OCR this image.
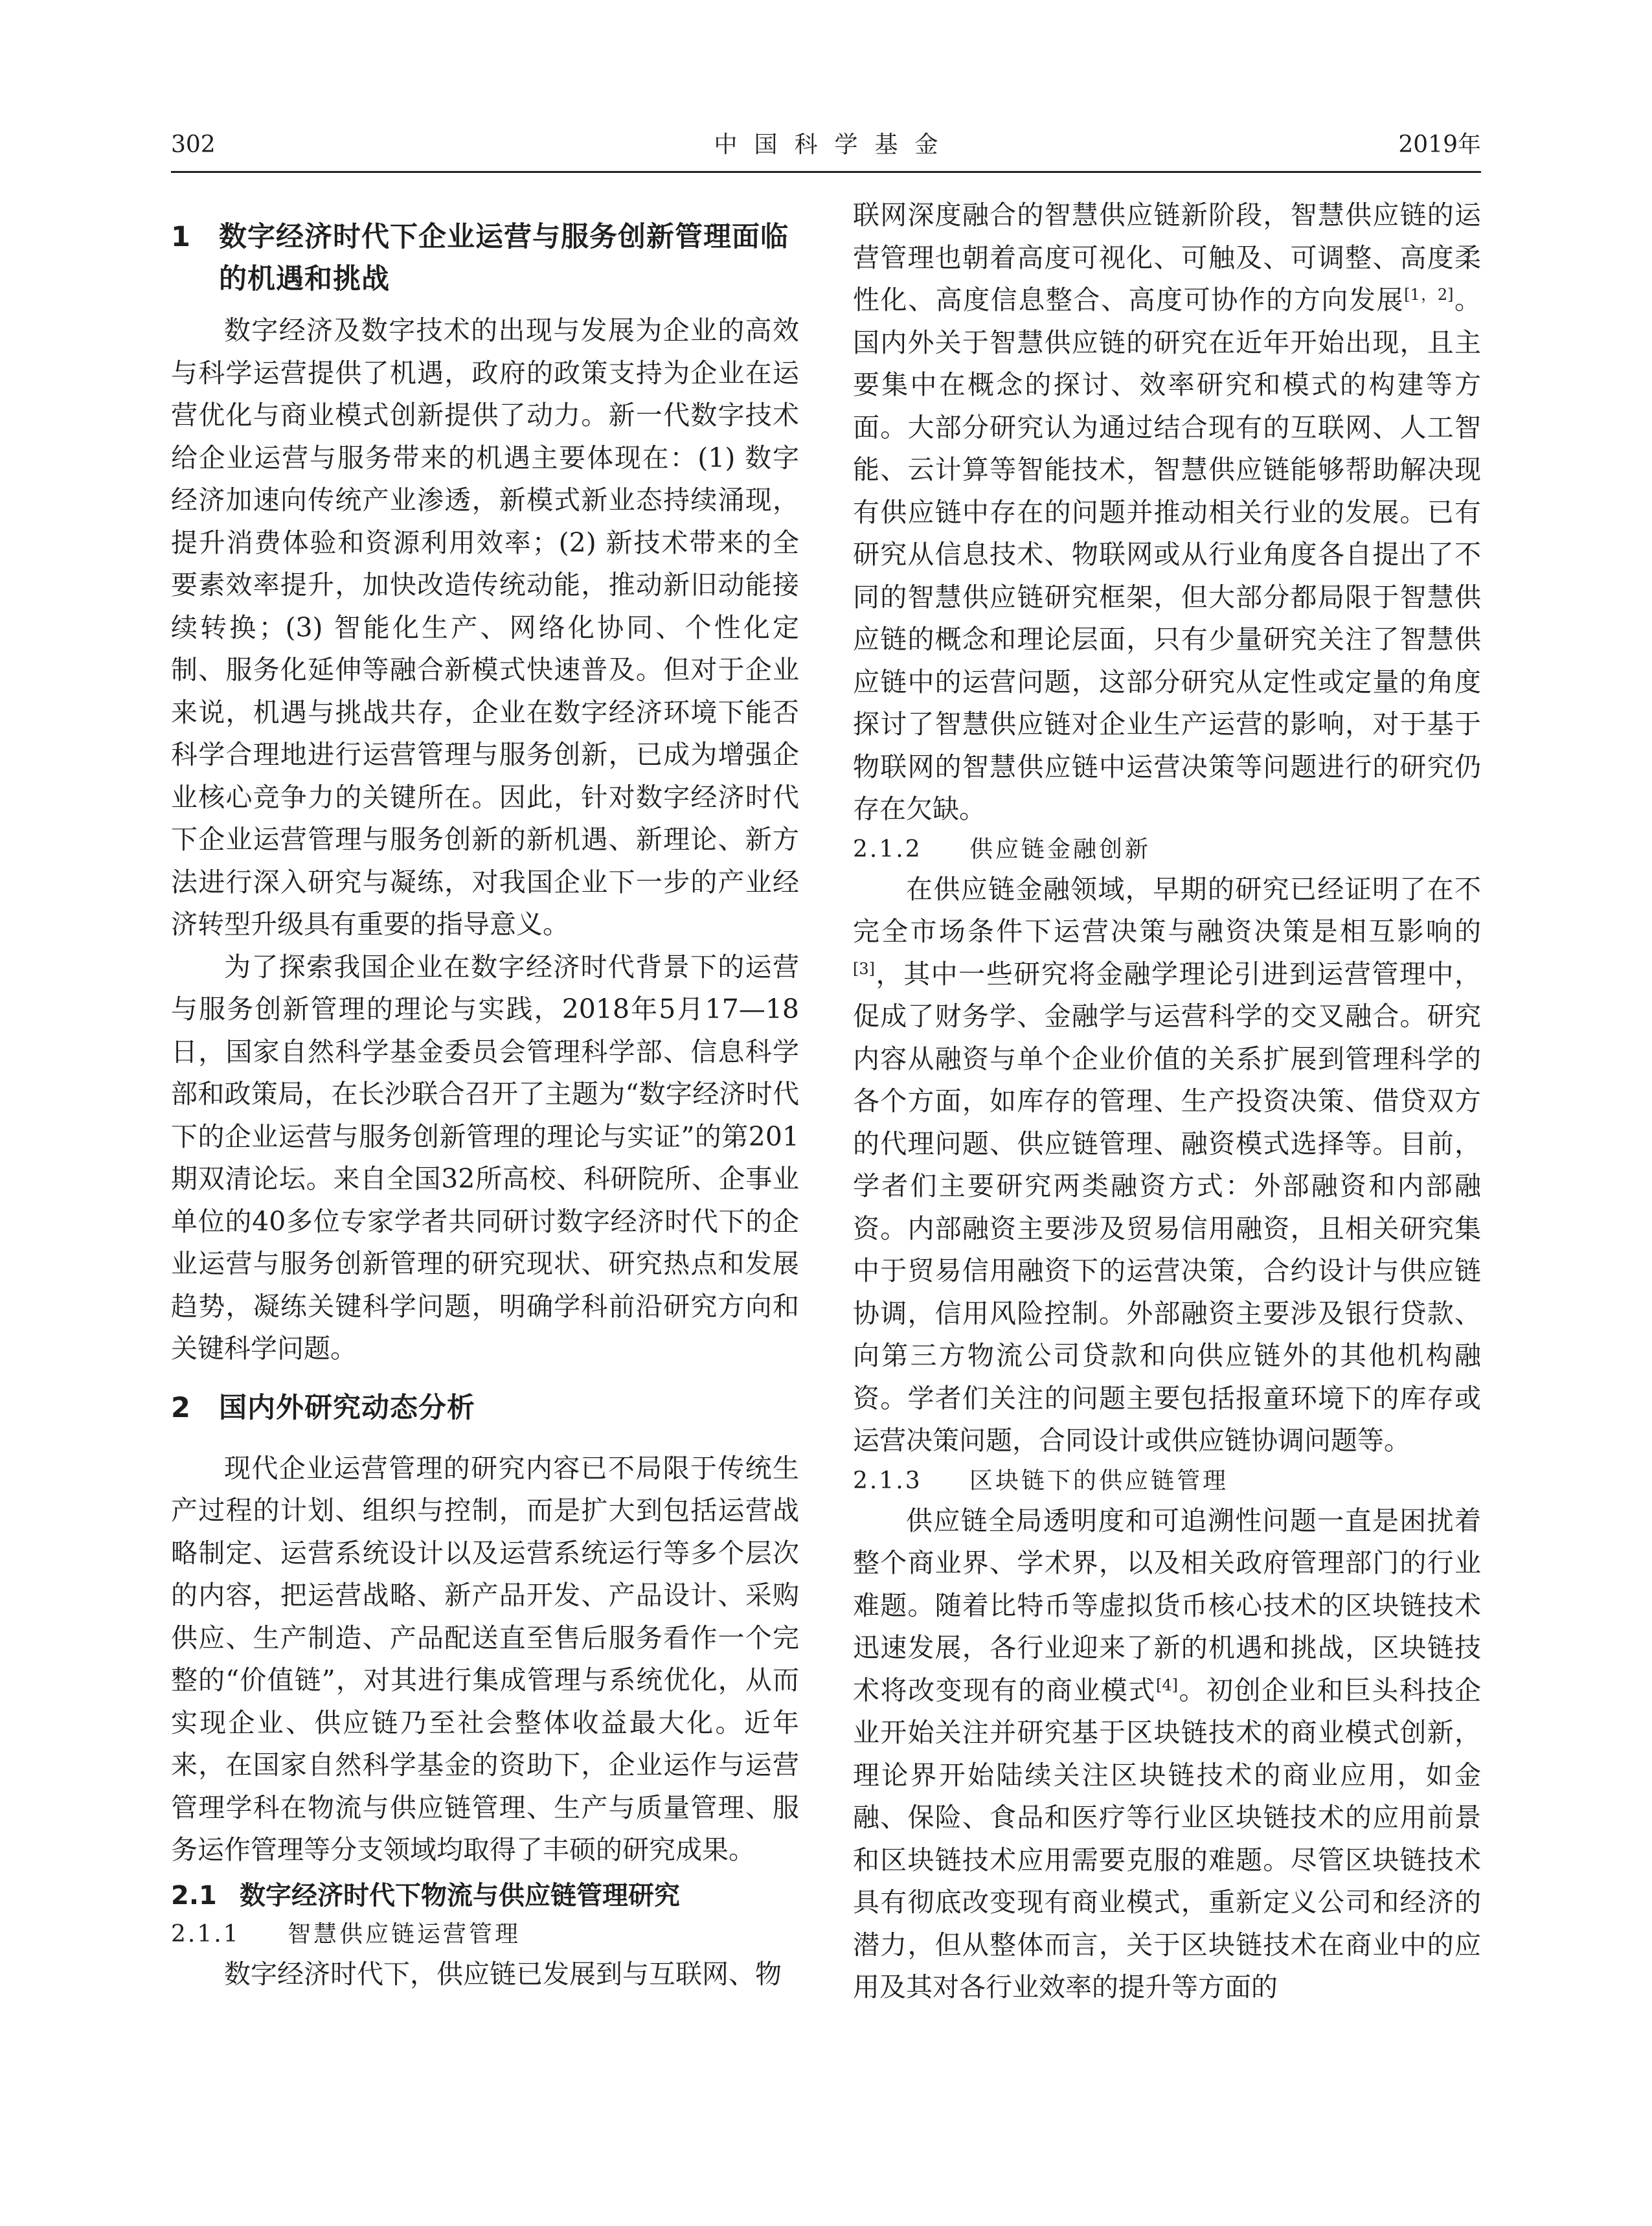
302	中国科学基金	2019年
1	数字经济时代下企业运营与服务创新管理面临的机遇和挑战

数字经济及数字技术的出现与发展为企业的高效与科学运营提供了机遇，政府的政策支持为企业在运营优化与商业模式创新提供了动力。新一代数字技术给企业运营与服务带来的机遇主要体现在：(1) 数字经济加速向传统产业渗透，新模式新业态持续涌现，提升消费体验和资源利用效率；(2) 新技术带来的全要素效率提升，加快改造传统动能，推动新旧动能接续转换；(3) 智能化生产、网络化协同、个性化定制、服务化延伸等融合新模式快速普及。但对于企业来说，机遇与挑战共存，企业在数字经济环境下能否科学合理地进行运营管理与服务创新，已成为增强企业核心竞争力的关键所在。因此，针对数字经济时代下企业运营管理与服务创新的新机遇、新理论、新方法进行深入研究与凝练，对我国企业下一步的产业经济转型升级具有重要的指导意义。

为了探索我国企业在数字经济时代背景下的运营与服务创新管理的理论与实践，2018年5月17—18日，国家自然科学基金委员会管理科学部、信息科学部和政策局，在长沙联合召开了主题为“数字经济时代下的企业运营与服务创新管理的理论与实证”的第201期双清论坛。来自全国32所高校、科研院所、企事业单位的40多位专家学者共同研讨数字经济时代下的企业运营与服务创新管理的研究现状、研究热点和发展趋势，凝练关键科学问题，明确学科前沿研究方向和关键科学问题。

2	国内外研究动态分析

现代企业运营管理的研究内容已不局限于传统生产过程的计划、组织与控制，而是扩大到包括运营战略制定、运营系统设计以及运营系统运行等多个层次的内容，把运营战略、新产品开发、产品设计、采购供应、生产制造、产品配送直至售后服务看作一个完整的“价值链”，对其进行集成管理与系统优化，从而实现企业、供应链乃至社会整体收益最大化。近年来，在国家自然科学基金的资助下，企业运作与运营管理学科在物流与供应链管理、生产与质量管理、服务运作管理等分支领域均取得了丰硕的研究成果。

2.1 数字经济时代下物流与供应链管理研究
2.1.1 智慧供应链运营管理

数字经济时代下，供应链已发展到与互联网、物

联网深度融合的智慧供应链新阶段，智慧供应链的运营管理也朝着高度可视化、可触及、可调整、高度柔性化、高度信息整合、高度可协作的方向发展[1，2]。国内外关于智慧供应链的研究在近年开始出现，且主要集中在概念的探讨、效率研究和模式的构建等方面。大部分研究认为通过结合现有的互联网、人工智能、云计算等智能技术，智慧供应链能够帮助解决现有供应链中存在的问题并推动相关行业的发展。已有研究从信息技术、物联网或从行业角度各自提出了不同的智慧供应链研究框架，但大部分都局限于智慧供应链的概念和理论层面，只有少量研究关注了智慧供应链中的运营问题，这部分研究从定性或定量的角度探讨了智慧供应链对企业生产运营的影响，对于基于物联网的智慧供应链中运营决策等问题进行的研究仍存在欠缺。

2.1.2 供应链金融创新

在供应链金融领域，早期的研究已经证明了在不完全市场条件下运营决策与融资决策是相互影响的[3]，其中一些研究将金融学理论引进到运营管理中，促成了财务学、金融学与运营科学的交叉融合。研究内容从融资与单个企业价值的关系扩展到管理科学的各个方面，如库存的管理、生产投资决策、借贷双方的代理问题、供应链管理、融资模式选择等。目前，学者们主要研究两类融资方式：外部融资和内部融资。内部融资主要涉及贸易信用融资，且相关研究集中于贸易信用融资下的运营决策，合约设计与供应链协调，信用风险控制。外部融资主要涉及银行贷款、向第三方物流公司贷款和向供应链外的其他机构融资。学者们关注的问题主要包括报童环境下的库存或运营决策问题，合同设计或供应链协调问题等。

2.1.3 区块链下的供应链管理

供应链全局透明度和可追溯性问题一直是困扰着整个商业界、学术界，以及相关政府管理部门的行业难题。随着比特币等虚拟货币核心技术的区块链技术迅速发展，各行业迎来了新的机遇和挑战，区块链技术将改变现有的商业模式[4]。初创企业和巨头科技企业开始关注并研究基于区块链技术的商业模式创新，理论界开始陆续关注区块链技术的商业应用，如金融、保险、食品和医疗等行业区块链技术的应用前景和区块链技术应用需要克服的难题。尽管区块链技术具有彻底改变现有商业模式，重新定义公司和经济的潜力，但从整体而言，关于区块链技术在商业中的应用及其对各行业效率的提升等方面的
